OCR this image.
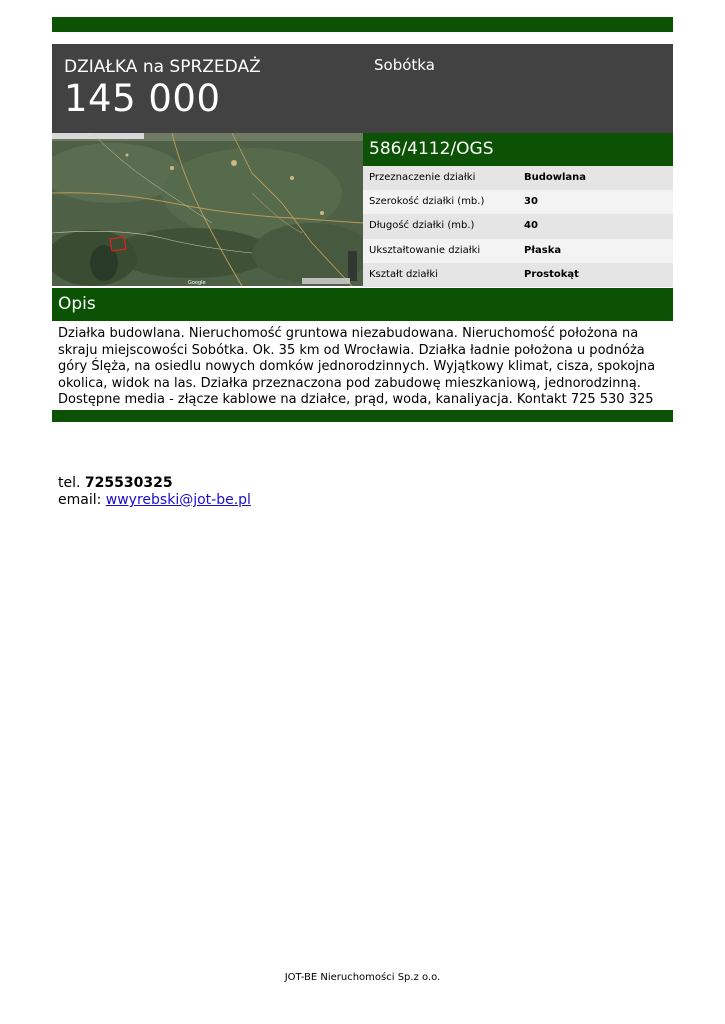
DZIAŁKA na SPRZEDAŻ
145 000
Sobótka
Google
586/4112/OGS
Przeznaczenie działki	Budowlana
Szerokość działki (mb.)	30
Długość działki (mb.)	40
Ukształtowanie działki	Płaska
Kształt działki	Prostokąt
Opis
Działka budowlana. Nieruchomość gruntowa niezabudowana. Nieruchomość położona na skraju miejscowości Sobótka. Ok. 35 km od Wrocławia. Działka ładnie położona u podnóża góry Ślęża, na osiedlu nowych domków jednorodzinnych. Wyjątkowy klimat, cisza, spokojna okolica, widok na las. Działka przeznaczona pod zabudowę mieszkaniową, jednorodzinną. Dostępne media - złącze kablowe na działce, prąd, woda, kanaliyacja. Kontakt 725 530 325
tel. 725530325
email: wwyrebski@jot-be.pl
JOT-BE Nieruchomości Sp.z o.o.
